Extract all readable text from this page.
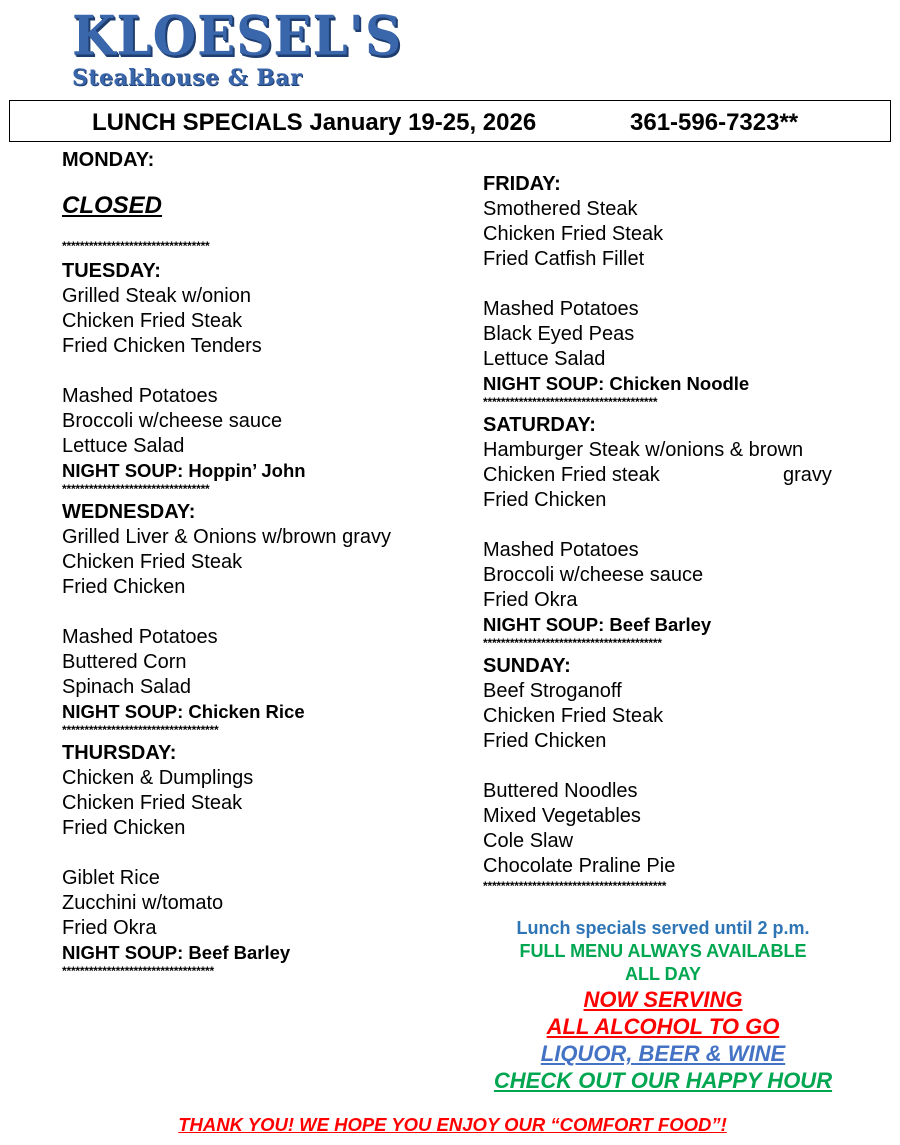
KLOESEL'S
Steakhouse & Bar
LUNCH SPECIALS January 19-25, 2026	361-596-7323**
MONDAY:
CLOSED
*********************************
TUESDAY:
Grilled Steak w/onion
Chicken Fried Steak
Fried Chicken Tenders
Mashed Potatoes
Broccoli w/cheese sauce
Lettuce Salad
NIGHT SOUP: Hoppin’ John
*********************************
WEDNESDAY:
Grilled Liver & Onions w/brown gravy
Chicken Fried Steak
Fried Chicken
Mashed Potatoes
Buttered Corn
Spinach Salad
NIGHT SOUP: Chicken Rice
***********************************
THURSDAY:
Chicken & Dumplings
Chicken Fried Steak
Fried Chicken
Giblet Rice
Zucchini w/tomato
Fried Okra
NIGHT SOUP: Beef Barley
**********************************
FRIDAY:
Smothered Steak
Chicken Fried Steak
Fried Catfish Fillet
Mashed Potatoes
Black Eyed Peas
Lettuce Salad
NIGHT SOUP: Chicken Noodle
***************************************
SATURDAY:
Hamburger Steak w/onions & brown
Chicken Fried steak	gravy
Fried Chicken
Mashed Potatoes
Broccoli w/cheese sauce
Fried Okra
NIGHT SOUP: Beef Barley
****************************************
SUNDAY:
Beef Stroganoff
Chicken Fried Steak
Fried Chicken
Buttered Noodles
Mixed Vegetables
Cole Slaw
Chocolate Praline Pie
*****************************************
Lunch specials served until 2 p.m.
FULL MENU ALWAYS AVAILABLE
ALL DAY
NOW SERVING
ALL ALCOHOL TO GO
LIQUOR, BEER & WINE
CHECK OUT OUR HAPPY HOUR
THANK YOU! WE HOPE YOU ENJOY OUR “COMFORT FOOD”!
